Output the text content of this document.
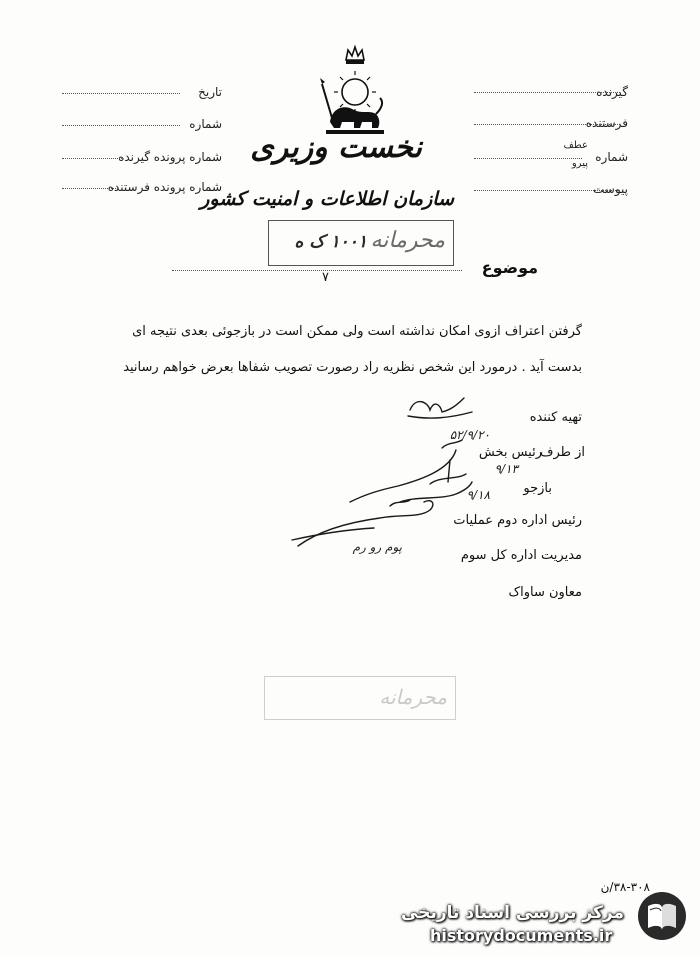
گیرنده
فرستنده
شماره
عطف
پیرو
پیوست
تاریخ
شماره
شماره پرونده گیرنده
شماره پرونده فرستنده
نخست وزیری
سازمان اطلاعات و امنیت کشور
محرمانه
۱۰۰۱ ک ه
موضوع
۷
گرفتن اعتراف ازوی امکان نداشته است ولی ممکن است در بازجوئی بعدی نتیجه ای
بدست آید . درمورد این شخص نظریه راد رصورت تصویب شفاها بعرض خواهم رسانید
تهیه کننده
از طرف
رئیس بخش
بازجو
رئیس اداره دوم عملیات
مدیریت اداره کل سوم
معاون ساواک
۵۲/۹/۲۰
۹/۱۳
۹/۱۸
پوم رو رم
محرمانه
۳۸-۳۰۸/ن
مرکز بررسی اسناد تاریخی
historydocuments.ir
